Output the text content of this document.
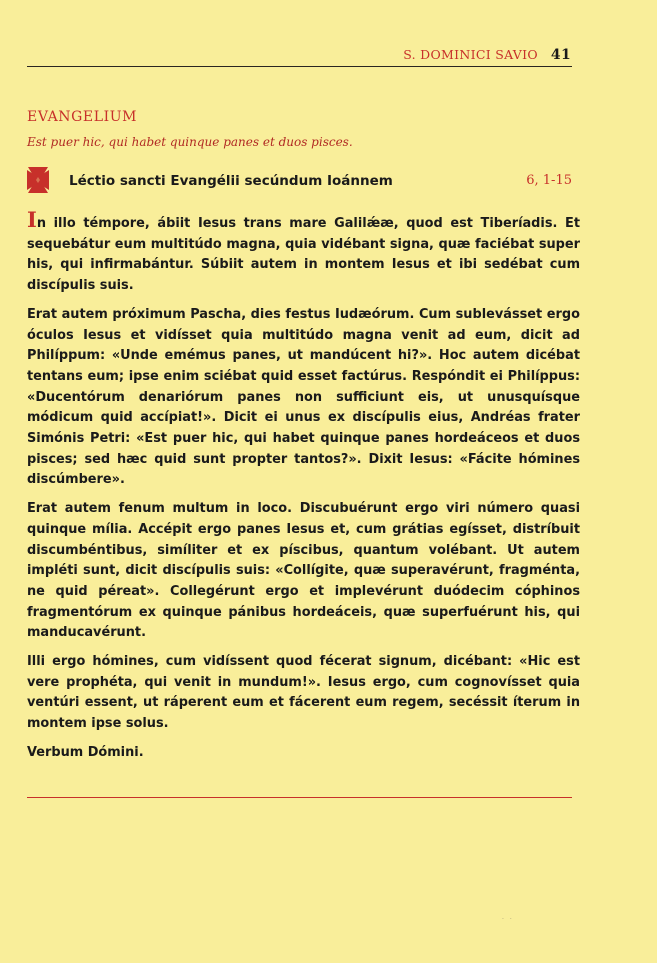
S. DOMINICI SAVIO 41
EVANGELIUM
Est puer hic, qui habet quinque panes et duos pisces.
Léctio sancti Evangélii secúndum Ioánnem	6, 1-15

In illo témpore, ábiit Iesus trans mare Galilǽæ, quod est Tiberíadis. Et sequebátur eum multitúdo magna, quia vidébant signa, quæ faciébat super his, qui infirmabántur. Súbiit autem in montem Iesus et ibi sedébat cum discípulis suis.

Erat autem próximum Pascha, dies festus Iudæórum. Cum sublevásset ergo óculos Iesus et vidísset quia multitúdo magna venit ad eum, dicit ad Philíppum: «Unde emémus panes, ut mandúcent hi?». Hoc autem dicébat tentans eum; ipse enim sciébat quid esset factúrus. Respóndit ei Philíppus: «Ducentórum denariórum panes non sufficiunt eis, ut unusquísque módicum quid accípiat!». Dicit ei unus ex discípulis eius, Andréas frater Simónis Petri: «Est puer hic, qui habet quinque panes hordeáceos et duos pisces; sed hæc quid sunt propter tantos?». Dixit Iesus: «Fácite hómines discúmbere».

Erat autem fenum multum in loco. Discubuérunt ergo viri número quasi quinque mília. Accépit ergo panes Iesus et, cum grátias egísset, distríbuit discumbéntibus, simíliter et ex píscibus, quantum volébant. Ut autem impléti sunt, dicit discípulis suis: «Collígite, quæ superavérunt, fragménta, ne quid péreat». Collegérunt ergo et implevérunt duódecim cóphinos fragmentórum ex quinque pánibus hordeáceis, quæ superfuérunt his, qui manducavérunt.

Illi ergo hómines, cum vidíssent quod fécerat signum, dicébant: «Hic est vere prophéta, qui venit in mundum!». Iesus ergo, cum cognovísset quia ventúri essent, ut ráperent eum et fácerent eum regem, secéssit íterum in montem ipse solus.

Verbum Dómini.

· ·
